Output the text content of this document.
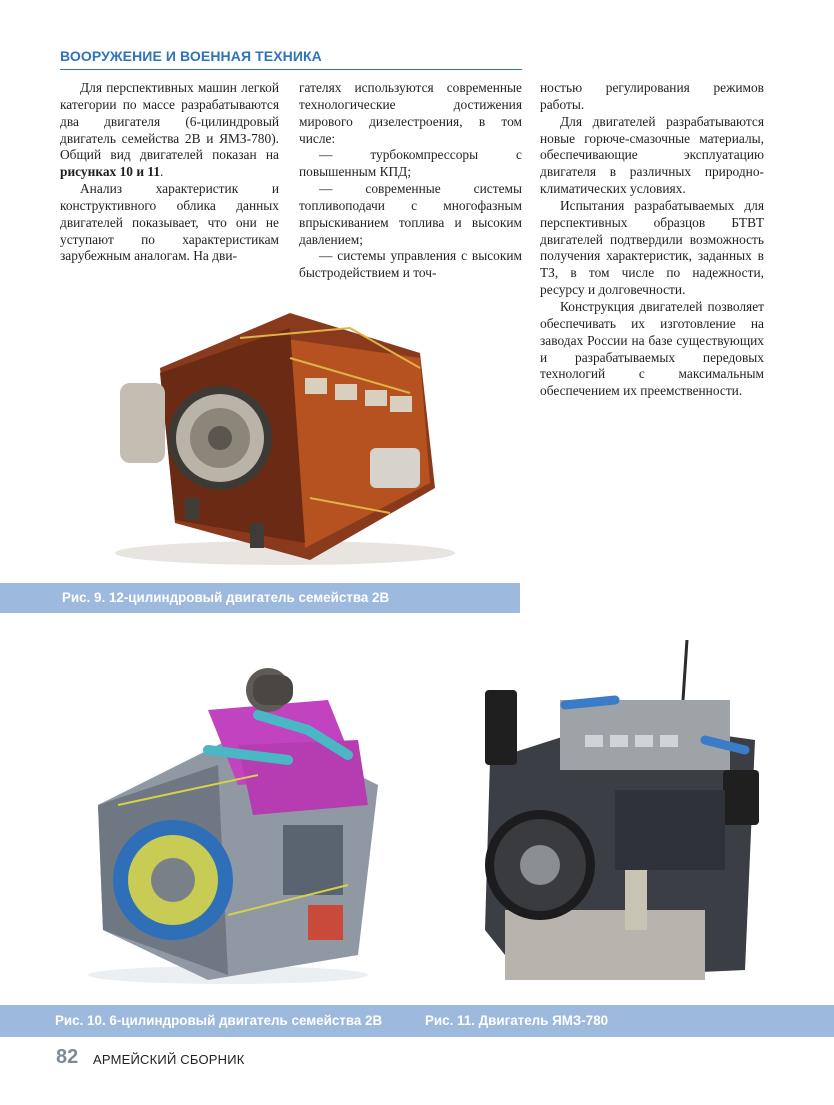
ВООРУЖЕНИЕ И ВОЕННАЯ ТЕХНИКА

Для перспективных машин легкой категории по массе разрабатываются два двигателя (6-цилиндровый двигатель семейства 2В и ЯМЗ-780). Общий вид двигателей показан на рисунках 10 и 11.

Анализ характеристик и конструктивного облика данных двигателей показывает, что они не уступают по характеристикам зарубежным аналогам. На дви-

гателях используются современные технологические достижения мирового дизелестроения, в том числе:

— турбокомпрессоры с повышенным КПД;

— современные системы топливоподачи с многофазным впрыскиванием топлива и высоким давлением;

— системы управления с высоким быстродействием и точ-

ностью регулирования режимов работы.

Для двигателей разрабатываются новые горюче-смазочные материалы, обеспечивающие эксплуатацию двигателя в различных природно-климатических условиях.

Испытания разрабатываемых для перспективных образцов БТВТ двигателей подтвердили возможность получения характеристик, заданных в ТЗ, в том числе по надежности, ресурсу и долговечности.

Конструкция двигателей позволяет обеспечивать их изготовление на заводах России на базе существующих и разрабатываемых передовых технологий с максимальным обеспечением их преемственности.

Рис. 9. 12-цилиндровый двигатель семейства 2В
Рис. 10. 6-цилиндровый двигатель семейства 2В	Рис. 11. Двигатель ЯМЗ-780
82 АРМЕЙСКИЙ СБОРНИК
